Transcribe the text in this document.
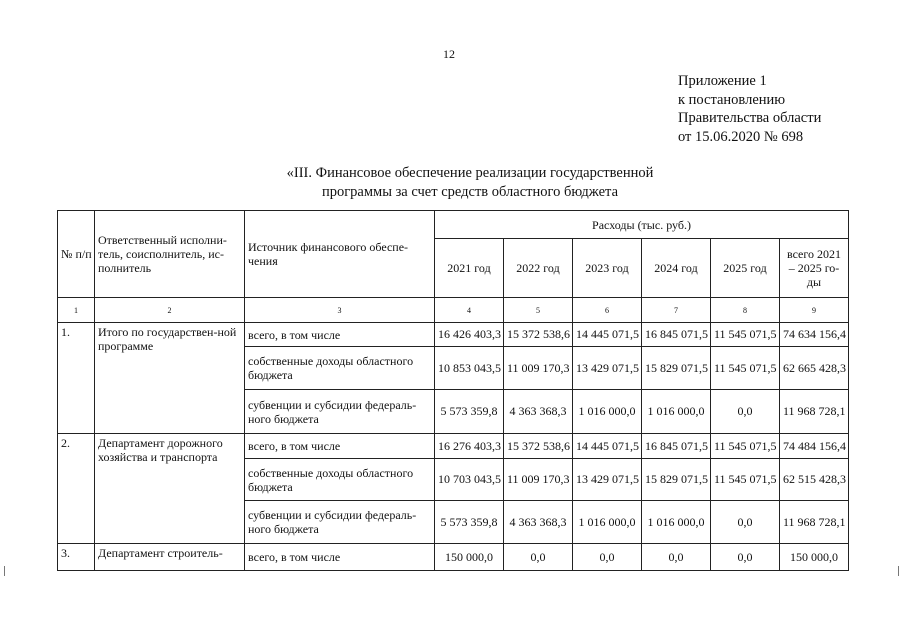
12
Приложение 1
к постановлению
Правительства области
от 15.06.2020 № 698
«III. Финансовое обеспечение реализации государственной
программы за счет средств областного бюджета
№ п/п	Ответственный исполни-тель, соисполнитель, ис-полнитель	Источник финансового обеспе-чения	Расходы (тыс. руб.)					
			2021 год	2022 год	2023 год	2024 год	2025 год	всего 2021 – 2025 го-ды
1	2	3	4	5	6	7	8	9
1.	Итого по государствен-ной программе	всего, в том числе	16 426 403,3	15 372 538,6	14 445 071,5	16 845 071,5	11 545 071,5	74 634 156,4
		собственные доходы областного бюджета	10 853 043,5	11 009 170,3	13 429 071,5	15 829 071,5	11 545 071,5	62 665 428,3
		субвенции и субсидии федераль-ного бюджета	5 573 359,8	4 363 368,3	1 016 000,0	1 016 000,0	0,0	11 968 728,1
2.	Департамент дорожного хозяйства и транспорта	всего, в том числе	16 276 403,3	15 372 538,6	14 445 071,5	16 845 071,5	11 545 071,5	74 484 156,4
		собственные доходы областного бюджета	10 703 043,5	11 009 170,3	13 429 071,5	15 829 071,5	11 545 071,5	62 515 428,3
		субвенции и субсидии федераль-ного бюджета	5 573 359,8	4 363 368,3	1 016 000,0	1 016 000,0	0,0	11 968 728,1
3.	Департамент строитель-	всего, в том числе	150 000,0	0,0	0,0	0,0	0,0	150 000,0
